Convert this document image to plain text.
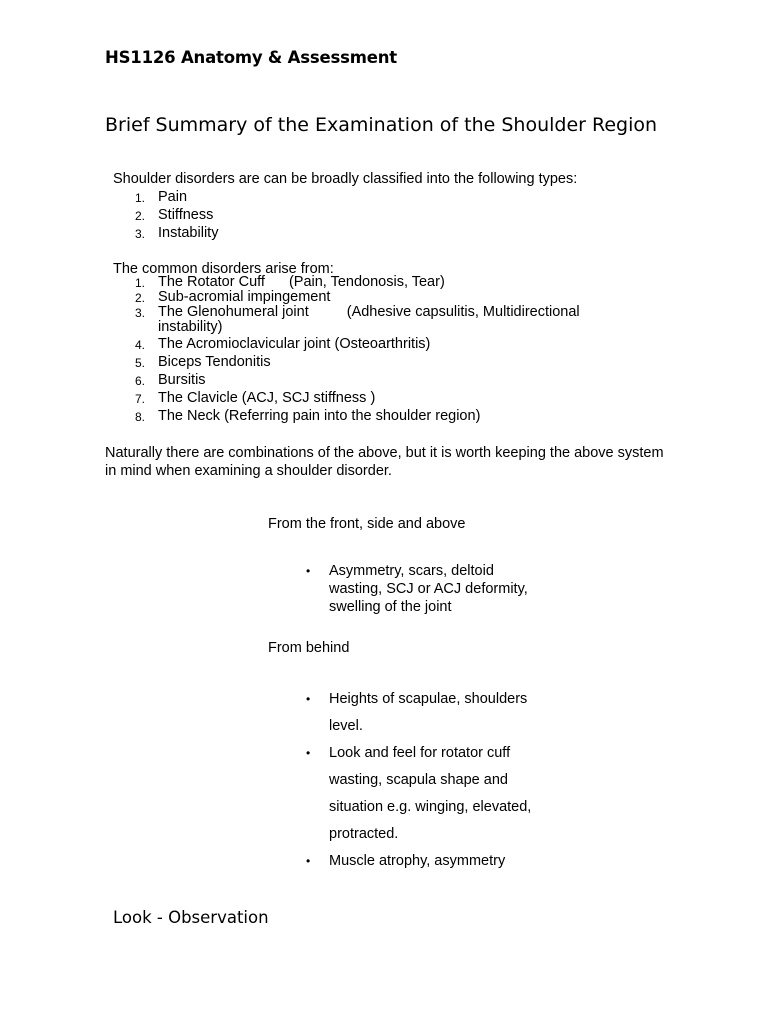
HS1126 Anatomy & Assessment
Brief Summary of the Examination of the Shoulder Region
Shoulder disorders are can be broadly classified into the following types:
1. Pain
2. Stiffness
3. Instability
The common disorders arise from:
1. The Rotator Cuff (Pain, Tendonosis, Tear)
2. Sub-acromial impingement
3. The Glenohumeral joint	(Adhesive capsulitis, Multidirectional instability)
4. The Acromioclavicular joint (Osteoarthritis)
5. Biceps Tendonitis
6. Bursitis
7. The Clavicle (ACJ, SCJ stiffness )
8. The Neck (Referring pain into the shoulder region)
Naturally there are combinations of the above, but it is worth keeping the above system in mind when examining a shoulder disorder.
From the front, side and above
• Asymmetry, scars, deltoid wasting, SCJ or ACJ deformity, swelling of the joint
From behind
• Heights of scapulae, shoulders level.
• Look and feel for rotator cuff wasting, scapula shape and situation e.g. winging, elevated, protracted.
• Muscle atrophy, asymmetry
Look - Observation
